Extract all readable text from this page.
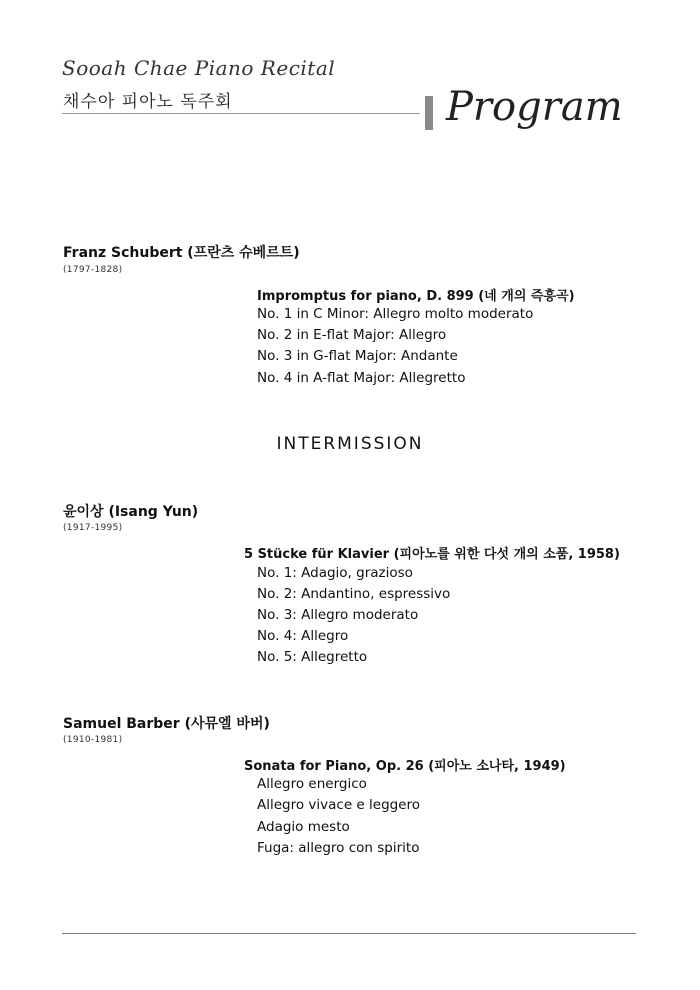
Sooah Chae Piano Recital
채수아 피아노 독주회	Program
Franz Schubert (프란츠 슈베르트)
(1797-1828)
Impromptus for piano, D. 899 (네 개의 즉흥곡)
No. 1 in C Minor: Allegro molto moderato
No. 2 in E-flat Major: Allegro
No. 3 in G-flat Major: Andante
No. 4 in A-flat Major: Allegretto
INTERMISSION
윤이상 (Isang Yun)
(1917-1995)
5 Stücke für Klavier (피아노를 위한 다섯 개의 소품, 1958)
No. 1: Adagio, grazioso
No. 2: Andantino, espressivo
No. 3: Allegro moderato
No. 4: Allegro
No. 5: Allegretto
Samuel Barber (사뮤엘 바버)
(1910-1981)
Sonata for Piano, Op. 26 (피아노 소나타, 1949)
Allegro energico
Allegro vivace e leggero
Adagio mesto
Fuga: allegro con spirito
